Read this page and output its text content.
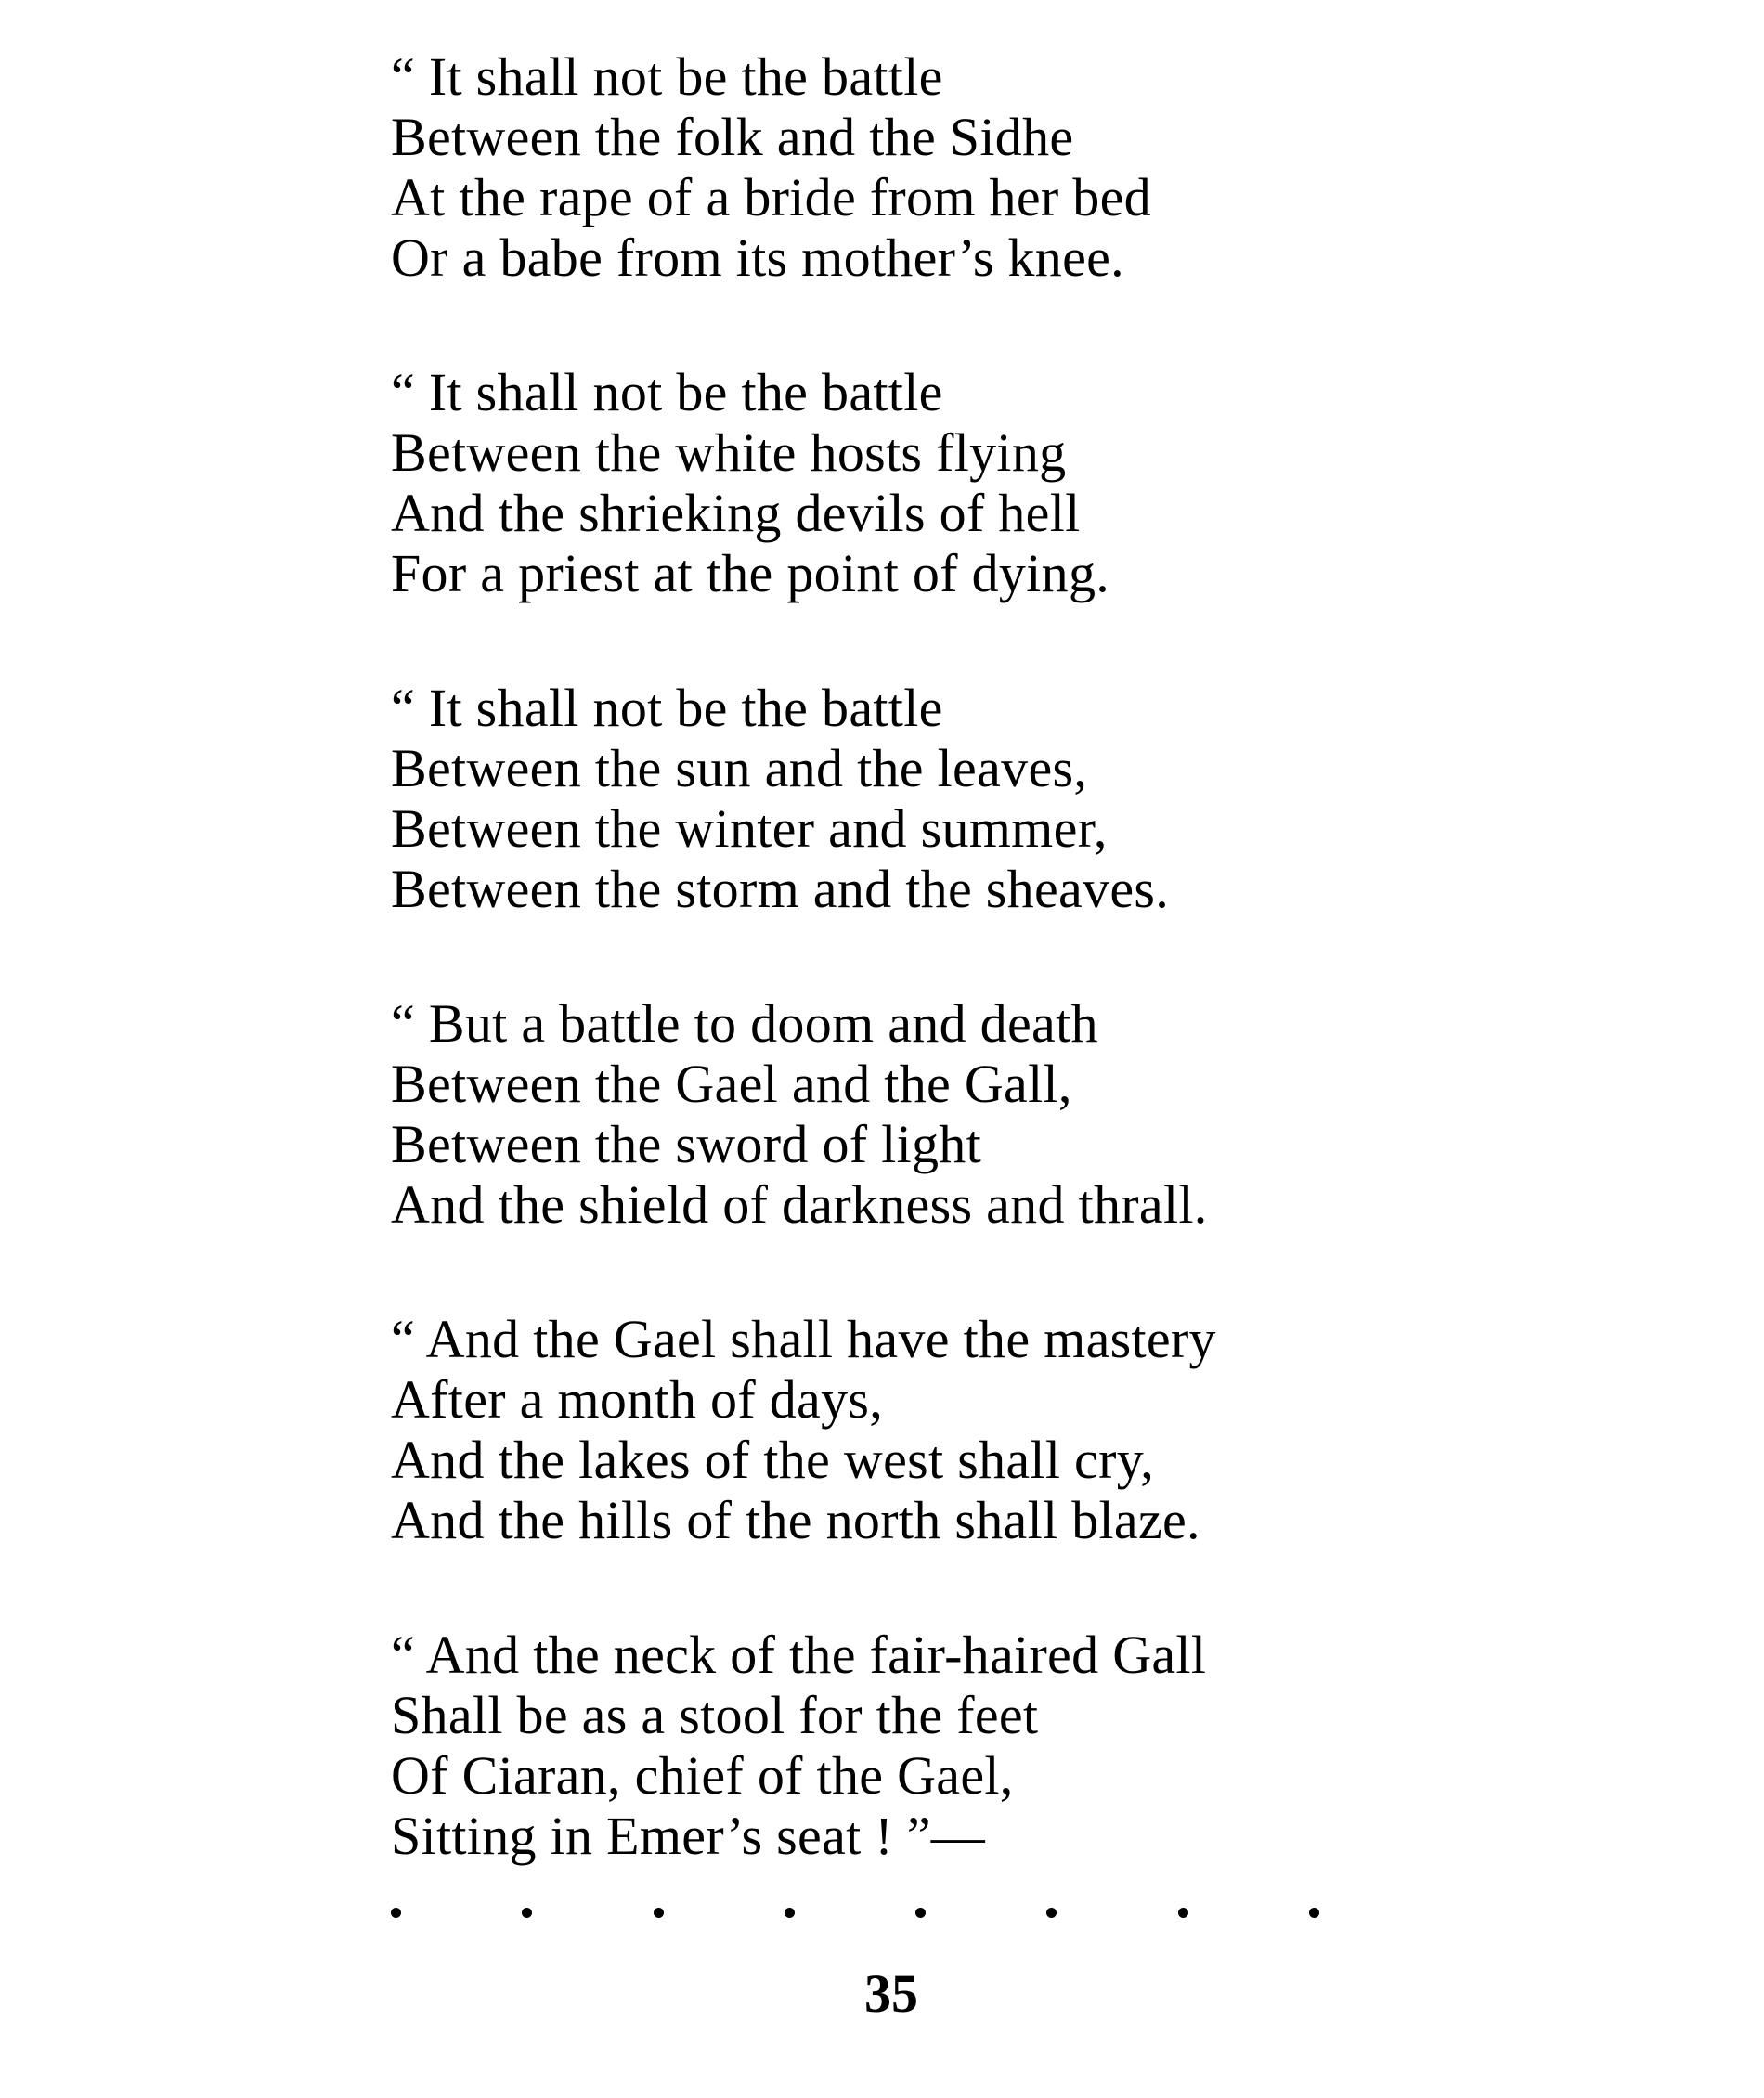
“ It shall not be the battle
Between the folk and the Sidhe
At the rape of a bride from her bed
Or a babe from its mother’s knee.

“ It shall not be the battle
Between the white hosts flying
And the shrieking devils of hell
For a priest at the point of dying.

“ It shall not be the battle
Between the sun and the leaves,
Between the winter and summer,
Between the storm and the sheaves.

“ But a battle to doom and death
Between the Gael and the Gall,
Between the sword of light
And the shield of darkness and thrall.

“ And the Gael shall have the mastery
After a month of days,
And the lakes of the west shall cry,
And the hills of the north shall blaze.

“ And the neck of the fair-haired Gall
Shall be as a stool for the feet
Of Ciaran, chief of the Gael,
Sitting in Emer’s seat ! ”—

35
